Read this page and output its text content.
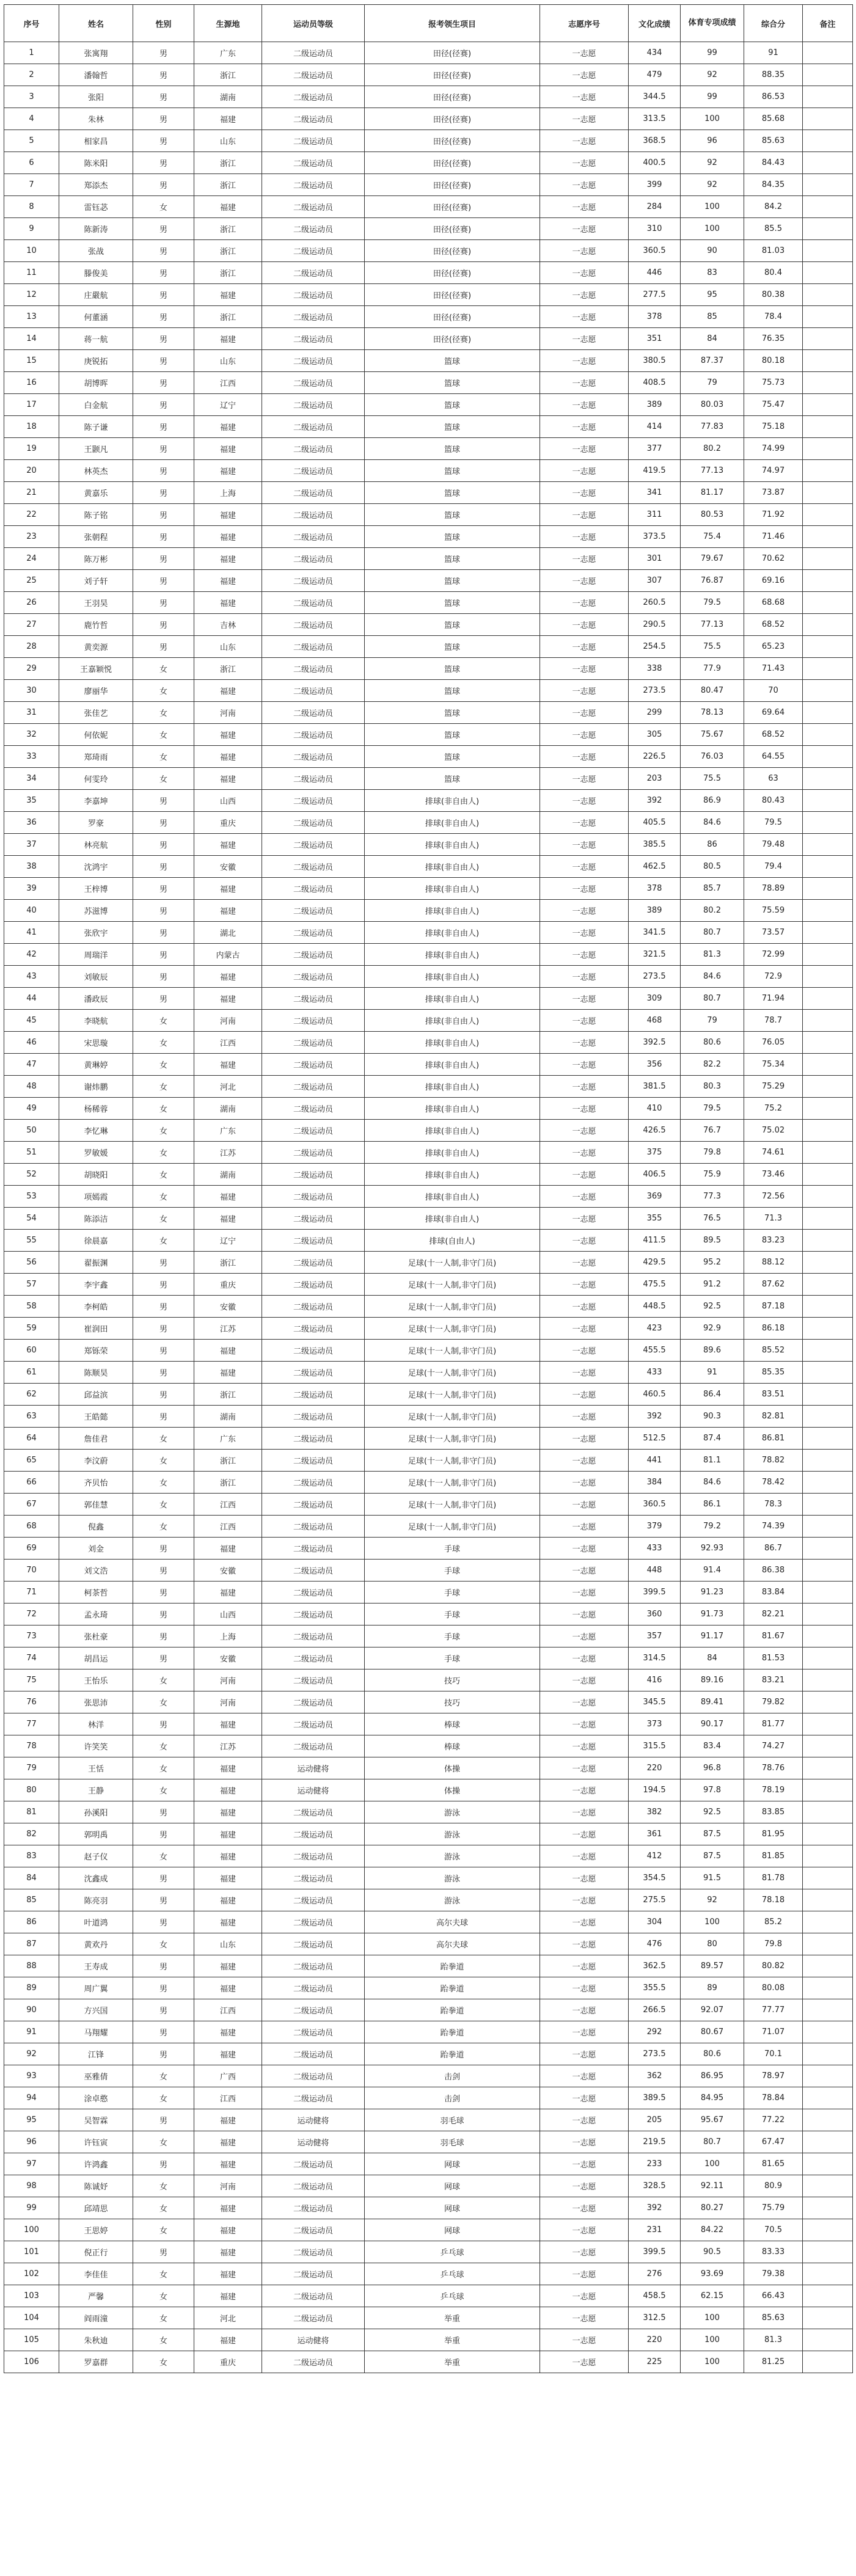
序号	姓名	性别	生源地	运动员等级	报考领生项目	志愿序号	文化成绩	体育专项成绩	综合分	备注
1	张寓翔	男	广东	二级运动员	田径(径赛)	一志愿	434	99	91	
2	潘翰哲	男	浙江	二级运动员	田径(径赛)	一志愿	479	92	88.35	
3	张阳	男	湖南	二级运动员	田径(径赛)	一志愿	344.5	99	86.53	
4	朱林	男	福建	二级运动员	田径(径赛)	一志愿	313.5	100	85.68	
5	相家昌	男	山东	二级运动员	田径(径赛)	一志愿	368.5	96	85.63	
6	陈米阳	男	浙江	二级运动员	田径(径赛)	一志愿	400.5	92	84.43	
7	郑添杰	男	浙江	二级运动员	田径(径赛)	一志愿	399	92	84.35	
8	雷钰苾	女	福建	二级运动员	田径(径赛)	一志愿	284	100	84.2	
9	陈新涛	男	浙江	二级运动员	田径(径赛)	一志愿	310	100	85.5	
10	张战	男	浙江	二级运动员	田径(径赛)	一志愿	360.5	90	81.03	
11	滕俊美	男	浙江	二级运动员	田径(径赛)	一志愿	446	83	80.4	
12	庄嚴航	男	福建	二级运动员	田径(径赛)	一志愿	277.5	95	80.38	
13	何董涵	男	浙江	二级运动员	田径(径赛)	一志愿	378	85	78.4	
14	蒋一航	男	福建	二级运动员	田径(径赛)	一志愿	351	84	76.35	
15	庚锐拓	男	山东	二级运动员	篮球	一志愿	380.5	87.37	80.18	
16	胡博晖	男	江西	二级运动员	篮球	一志愿	408.5	79	75.73	
17	白金航	男	辽宁	二级运动员	篮球	一志愿	389	80.03	75.47	
18	陈子谦	男	福建	二级运动员	篮球	一志愿	414	77.83	75.18	
19	王颢凡	男	福建	二级运动员	篮球	一志愿	377	80.2	74.99	
20	林英杰	男	福建	二级运动员	篮球	一志愿	419.5	77.13	74.97	
21	黄嘉乐	男	上海	二级运动员	篮球	一志愿	341	81.17	73.87	
22	陈子铭	男	福建	二级运动员	篮球	一志愿	311	80.53	71.92	
23	张朝程	男	福建	二级运动员	篮球	一志愿	373.5	75.4	71.46	
24	陈万彬	男	福建	二级运动员	篮球	一志愿	301	79.67	70.62	
25	刘子轩	男	福建	二级运动员	篮球	一志愿	307	76.87	69.16	
26	王羽昊	男	福建	二级运动员	篮球	一志愿	260.5	79.5	68.68	
27	鹿竹哲	男	吉林	二级运动员	篮球	一志愿	290.5	77.13	68.52	
28	黄奕源	男	山东	二级运动员	篮球	一志愿	254.5	75.5	65.23	
29	王嘉颖悦	女	浙江	二级运动员	篮球	一志愿	338	77.9	71.43	
30	廖丽华	女	福建	二级运动员	篮球	一志愿	273.5	80.47	70	
31	张佳艺	女	河南	二级运动员	篮球	一志愿	299	78.13	69.64	
32	何依妮	女	福建	二级运动员	篮球	一志愿	305	75.67	68.52	
33	郑琦雨	女	福建	二级运动员	篮球	一志愿	226.5	76.03	64.55	
34	何雯玲	女	福建	二级运动员	篮球	一志愿	203	75.5	63	
35	李嘉坤	男	山西	二级运动员	排球(非自由人)	一志愿	392	86.9	80.43	
36	罗豪	男	重庆	二级运动员	排球(非自由人)	一志愿	405.5	84.6	79.5	
37	林亮航	男	福建	二级运动员	排球(非自由人)	一志愿	385.5	86	79.48	
38	沈鸿宇	男	安徽	二级运动员	排球(非自由人)	一志愿	462.5	80.5	79.4	
39	王梓博	男	福建	二级运动员	排球(非自由人)	一志愿	378	85.7	78.89	
40	苏滋博	男	福建	二级运动员	排球(非自由人)	一志愿	389	80.2	75.59	
41	张欣宇	男	湖北	二级运动员	排球(非自由人)	一志愿	341.5	80.7	73.57	
42	周瑞洋	男	内蒙古	二级运动员	排球(非自由人)	一志愿	321.5	81.3	72.99	
43	刘敏辰	男	福建	二级运动员	排球(非自由人)	一志愿	273.5	84.6	72.9	
44	潘政辰	男	福建	二级运动员	排球(非自由人)	一志愿	309	80.7	71.94	
45	李晓航	女	河南	二级运动员	排球(非自由人)	一志愿	468	79	78.7	
46	宋思璇	女	江西	二级运动员	排球(非自由人)	一志愿	392.5	80.6	76.05	
47	黄琳婷	女	福建	二级运动员	排球(非自由人)	一志愿	356	82.2	75.34	
48	谢炜鹏	女	河北	二级运动员	排球(非自由人)	一志愿	381.5	80.3	75.29	
49	杨稀蓉	女	湖南	二级运动员	排球(非自由人)	一志愿	410	79.5	75.2	
50	李忆琳	女	广东	二级运动员	排球(非自由人)	一志愿	426.5	76.7	75.02	
51	罗敏媛	女	江苏	二级运动员	排球(非自由人)	一志愿	375	79.8	74.61	
52	胡晓阳	女	湖南	二级运动员	排球(非自由人)	一志愿	406.5	75.9	73.46	
53	项嫣霞	女	福建	二级运动员	排球(非自由人)	一志愿	369	77.3	72.56	
54	陈添洁	女	福建	二级运动员	排球(非自由人)	一志愿	355	76.5	71.3	
55	徐晨嘉	女	辽宁	二级运动员	排球(自由人)	一志愿	411.5	89.5	83.23	
56	翟振渊	男	浙江	二级运动员	足球(十一人制,非守门员)	一志愿	429.5	95.2	88.12	
57	李宇鑫	男	重庆	二级运动员	足球(十一人制,非守门员)	一志愿	475.5	91.2	87.62	
58	李柯皓	男	安徽	二级运动员	足球(十一人制,非守门员)	一志愿	448.5	92.5	87.18	
59	崔润田	男	江苏	二级运动员	足球(十一人制,非守门员)	一志愿	423	92.9	86.18	
60	郑铄荣	男	福建	二级运动员	足球(十一人制,非守门员)	一志愿	455.5	89.6	85.52	
61	陈顺昊	男	福建	二级运动员	足球(十一人制,非守门员)	一志愿	433	91	85.35	
62	邱益滨	男	浙江	二级运动员	足球(十一人制,非守门员)	一志愿	460.5	86.4	83.51	
63	王皓懿	男	湖南	二级运动员	足球(十一人制,非守门员)	一志愿	392	90.3	82.81	
64	詹佳君	女	广东	二级运动员	足球(十一人制,非守门员)	一志愿	512.5	87.4	86.81	
65	李汶蔚	女	浙江	二级运动员	足球(十一人制,非守门员)	一志愿	441	81.1	78.82	
66	齐贝怡	女	浙江	二级运动员	足球(十一人制,非守门员)	一志愿	384	84.6	78.42	
67	郭佳慧	女	江西	二级运动员	足球(十一人制,非守门员)	一志愿	360.5	86.1	78.3	
68	倪鑫	女	江西	二级运动员	足球(十一人制,非守门员)	一志愿	379	79.2	74.39	
69	刘金	男	福建	二级运动员	手球	一志愿	433	92.93	86.7	
70	刘文浩	男	安徽	二级运动员	手球	一志愿	448	91.4	86.38	
71	柯茶哲	男	福建	二级运动员	手球	一志愿	399.5	91.23	83.84	
72	孟永琦	男	山西	二级运动员	手球	一志愿	360	91.73	82.21	
73	张杜豪	男	上海	二级运动员	手球	一志愿	357	91.17	81.67	
74	胡昌运	男	安徽	二级运动员	手球	一志愿	314.5	84	81.53	
75	王怡乐	女	河南	二级运动员	技巧	一志愿	416	89.16	83.21	
76	张思沛	女	河南	二级运动员	技巧	一志愿	345.5	89.41	79.82	
77	林洋	男	福建	二级运动员	棒球	一志愿	373	90.17	81.77	
78	许笑笑	女	江苏	二级运动员	棒球	一志愿	315.5	83.4	74.27	
79	王恬	女	福建	运动健将	体操	一志愿	220	96.8	78.76	
80	王静	女	福建	运动健将	体操	一志愿	194.5	97.8	78.19	
81	孙溪阳	男	福建	二级运动员	游泳	一志愿	382	92.5	83.85	
82	郭明禹	男	福建	二级运动员	游泳	一志愿	361	87.5	81.95	
83	赵子仪	女	福建	二级运动员	游泳	一志愿	412	87.5	81.85	
84	沈鑫成	男	福建	二级运动员	游泳	一志愿	354.5	91.5	81.78	
85	陈亮羽	男	福建	二级运动员	游泳	一志愿	275.5	92	78.18	
86	叶道鸿	男	福建	二级运动员	高尔夫球	一志愿	304	100	85.2	
87	黄欢丹	女	山东	二级运动员	高尔夫球	一志愿	476	80	79.8	
88	王寿成	男	福建	二级运动员	跆拳道	一志愿	362.5	89.57	80.82	
89	周广翼	男	福建	二级运动员	跆拳道	一志愿	355.5	89	80.08	
90	方兴国	男	江西	二级运动员	跆拳道	一志愿	266.5	92.07	77.77	
91	马翔耀	男	福建	二级运动员	跆拳道	一志愿	292	80.67	71.07	
92	江锋	男	福建	二级运动员	跆拳道	一志愿	273.5	80.6	70.1	
93	巫雅倩	女	广西	二级运动员	击剑	一志愿	362	86.95	78.97	
94	涂卓憨	女	江西	二级运动员	击剑	一志愿	389.5	84.95	78.84	
95	吴智霖	男	福建	运动健将	羽毛球	一志愿	205	95.67	77.22	
96	许钰寅	女	福建	运动健将	羽毛球	一志愿	219.5	80.7	67.47	
97	许鸿鑫	男	福建	二级运动员	网球	一志愿	233	100	81.65	
98	陈诚妤	女	河南	二级运动员	网球	一志愿	328.5	92.11	80.9	
99	邱靖思	女	福建	二级运动员	网球	一志愿	392	80.27	75.79	
100	王思婷	女	福建	二级运动员	网球	一志愿	231	84.22	70.5	
101	倪正行	男	福建	二级运动员	乒乓球	一志愿	399.5	90.5	83.33	
102	李佳佳	女	福建	二级运动员	乒乓球	一志愿	276	93.69	79.38	
103	严馨	女	福建	二级运动员	乒乓球	一志愿	458.5	62.15	66.43	
104	阎雨潼	女	河北	二级运动员	举重	一志愿	312.5	100	85.63	
105	朱秋迪	女	福建	运动健将	举重	一志愿	220	100	81.3	
106	罗嘉群	女	重庆	二级运动员	举重	一志愿	225	100	81.25	
